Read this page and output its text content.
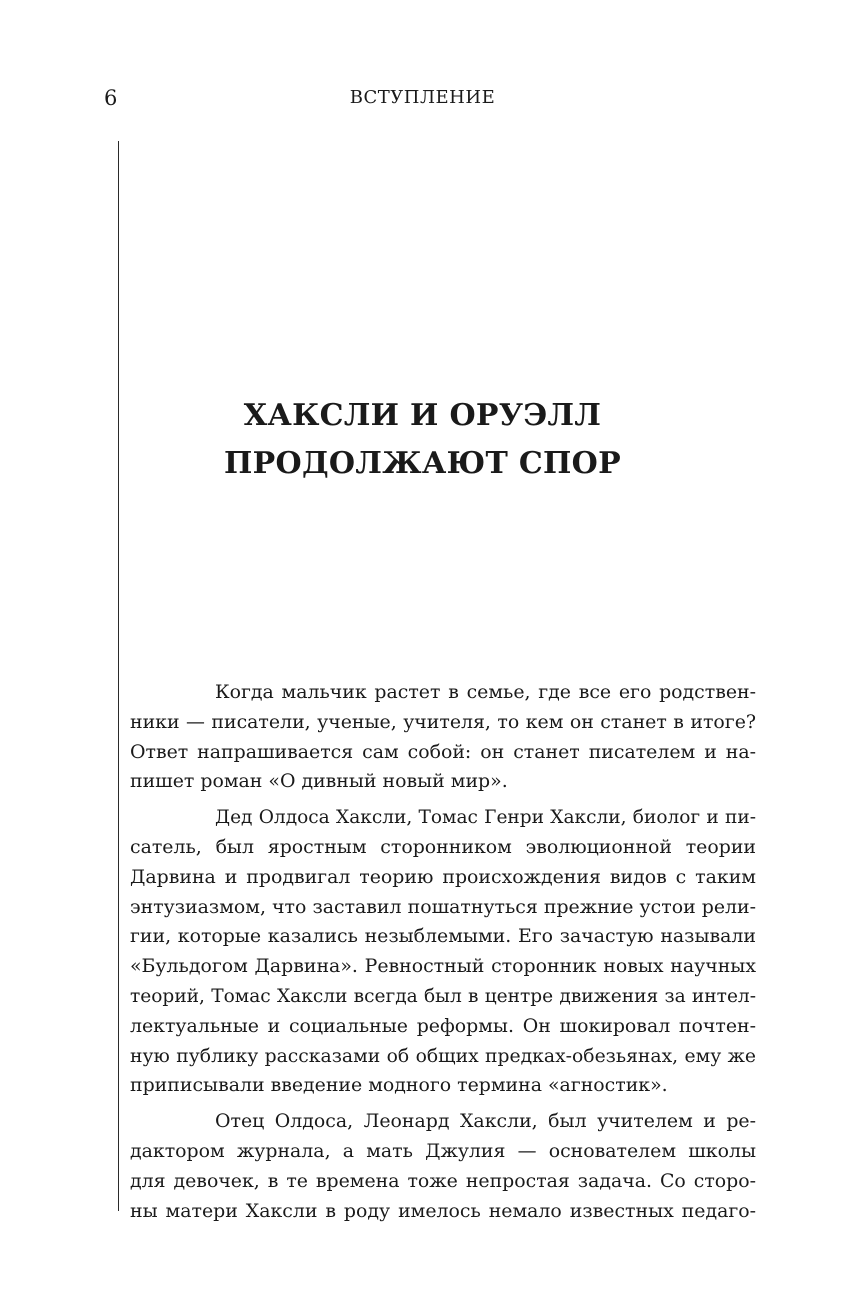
6	ВСТУПЛЕНИЕ
ХАКСЛИ И ОРУЭЛЛ
ПРОДОЛЖАЮТ СПОР
Когда мальчик растет в семье, где все его родствен-
ники — писатели, ученые, учителя, то кем он станет в итоге?
Ответ напрашивается сам собой: он станет писателем и на-
пишет роман «О дивный новый мир».
Дед Олдоса Хаксли, Томас Генри Хаксли, биолог и пи-
сатель, был яростным сторонником эволюционной теории
Дарвина и продвигал теорию происхождения видов с таким
энтузиазмом, что заставил пошатнуться прежние устои рели-
гии, которые казались незыблемыми. Его зачастую называли
«Бульдогом Дарвина». Ревностный сторонник новых научных
теорий, Томас Хаксли всегда был в центре движения за интел-
лектуальные и социальные реформы. Он шокировал почтен-
ную публику рассказами об общих предках-обезьянах, ему же
приписывали введение модного термина «агностик».
Отец Олдоса, Леонард Хаксли, был учителем и ре-
дактором журнала, а мать Джулия — основателем школы
для девочек, в те времена тоже непростая задача. Со сторо-
ны матери Хаксли в роду имелось немало известных педаго-
